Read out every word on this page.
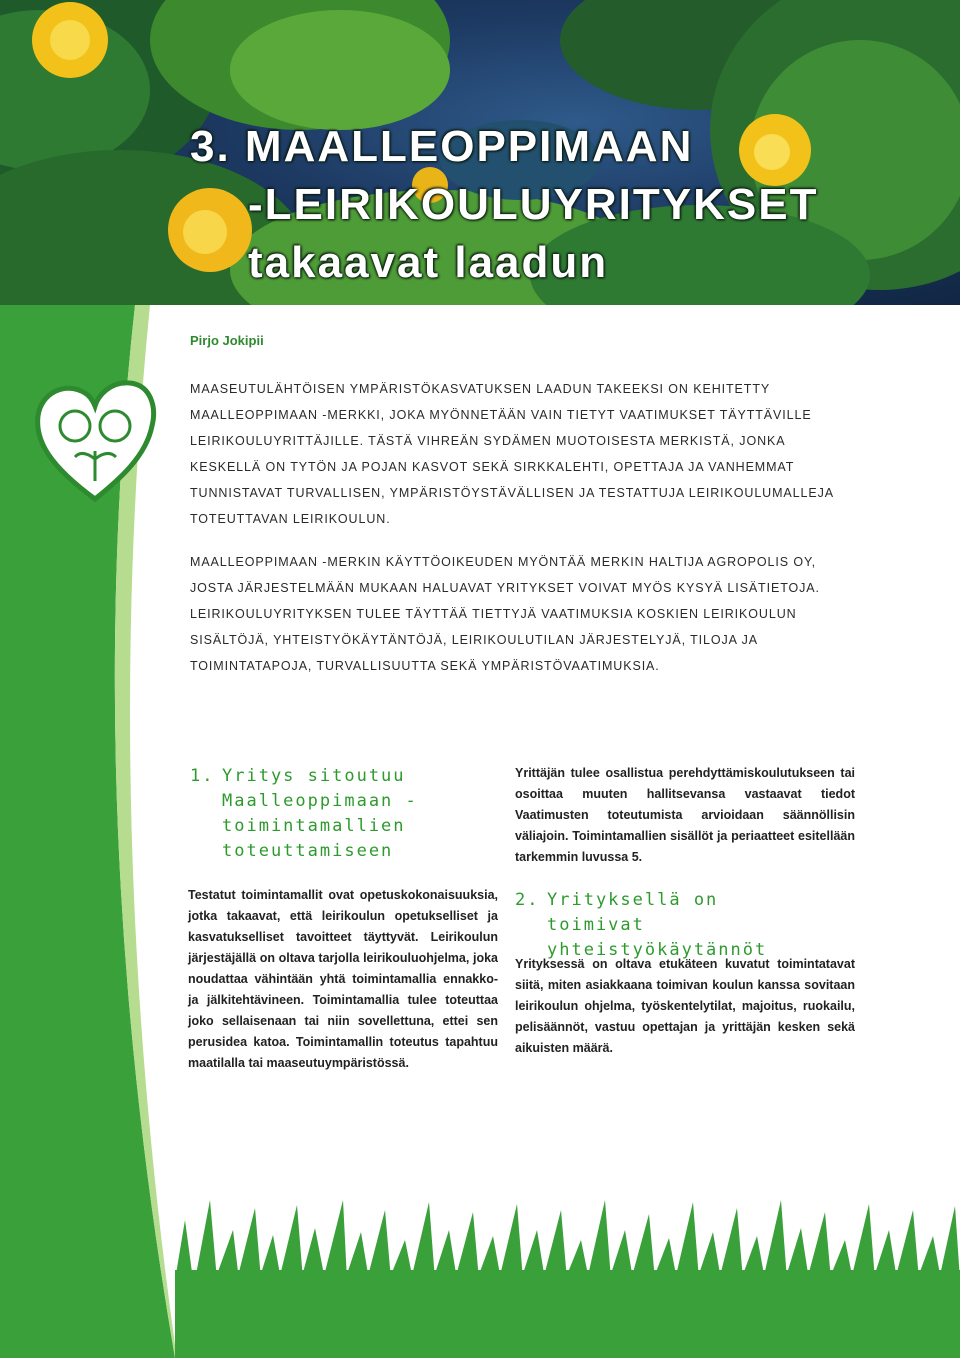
3. MAALLEOPPIMAAN
-LEIRIKOULUYRITYKSET
takaavat laadun
Pirjo Jokipii

MAASEUTULÄHTÖISEN YMPÄRISTÖKASVATUKSEN LAADUN TAKEEKSI ON KEHITETTY MAALLEOPPIMAAN -MERKKI, JOKA MYÖNNETÄÄN VAIN TIETYT VAATIMUKSET TÄYTTÄVILLE LEIRIKOULUYRITTÄJILLE. TÄSTÄ VIHREÄN SYDÄMEN MUOTOISESTA MERKISTÄ, JONKA KESKELLÄ ON TYTÖN JA POJAN KASVOT SEKÄ SIRKKALEHTI, OPETTAJA JA VANHEMMAT TUNNISTAVAT TURVALLISEN, YMPÄRISTÖYSTÄVÄLLISEN JA TESTATTUJA LEIRIKOULUMALLEJA TOTEUTTAVAN LEIRIKOULUN.

MAALLEOPPIMAAN -MERKIN KÄYTTÖOIKEUDEN MYÖNTÄÄ MERKIN HALTIJA AGROPOLIS OY, JOSTA JÄRJESTELMÄÄN MUKAAN HALUAVAT YRITYKSET VOIVAT MYÖS KYSYÄ LISÄTIETOJA. LEIRIKOULUYRITYKSEN TULEE TÄYTTÄÄ TIETTYJÄ VAATIMUKSIA KOSKIEN LEIRIKOULUN SISÄLTÖJÄ, YHTEISTYÖKÄYTÄNTÖJÄ, LEIRIKOULUTILAN JÄRJESTELYJÄ, TILOJA JA TOIMINTATAPOJA, TURVALLISUUTTA SEKÄ YMPÄRISTÖVAATIMUKSIA.

1. Yritys sitoutuu Maalleoppimaan -toimintamallien toteuttamiseen

Testatut toimintamallit ovat opetuskokonaisuuksia, jotka takaavat, että leirikoulun opetukselliset ja kasvatukselliset tavoitteet täyttyvät. Leirikoulun järjestäjällä on oltava tarjolla leirikouluohjelma, joka noudattaa vähintään yhtä toimintamallia ennakko- ja jälkitehtävineen. Toimintamallia tulee toteuttaa joko sellaisenaan tai niin sovellettuna, ettei sen perusidea katoa. Toimintamallin toteutus tapahtuu maatilalla tai maaseutuympäristössä.

Yrittäjän tulee osallistua perehdyttämiskoulutukseen tai osoittaa muuten hallitsevansa vastaavat tiedot Vaatimusten toteutumista arvioidaan säännöllisin väliajoin. Toimintamallien sisällöt ja periaatteet esitellään tarkemmin luvussa 5.

2. Yrityksellä on toimivat yhteistyökäytännöt

Yrityksessä on oltava etukäteen kuvatut toimintatavat siitä, miten asiakkaana toimivan koulun kanssa sovitaan leirikoulun ohjelma, työskentelytilat, majoitus, ruokailu, pelisäännöt, vastuu opettajan ja yrittäjän kesken sekä aikuisten määrä.

12
